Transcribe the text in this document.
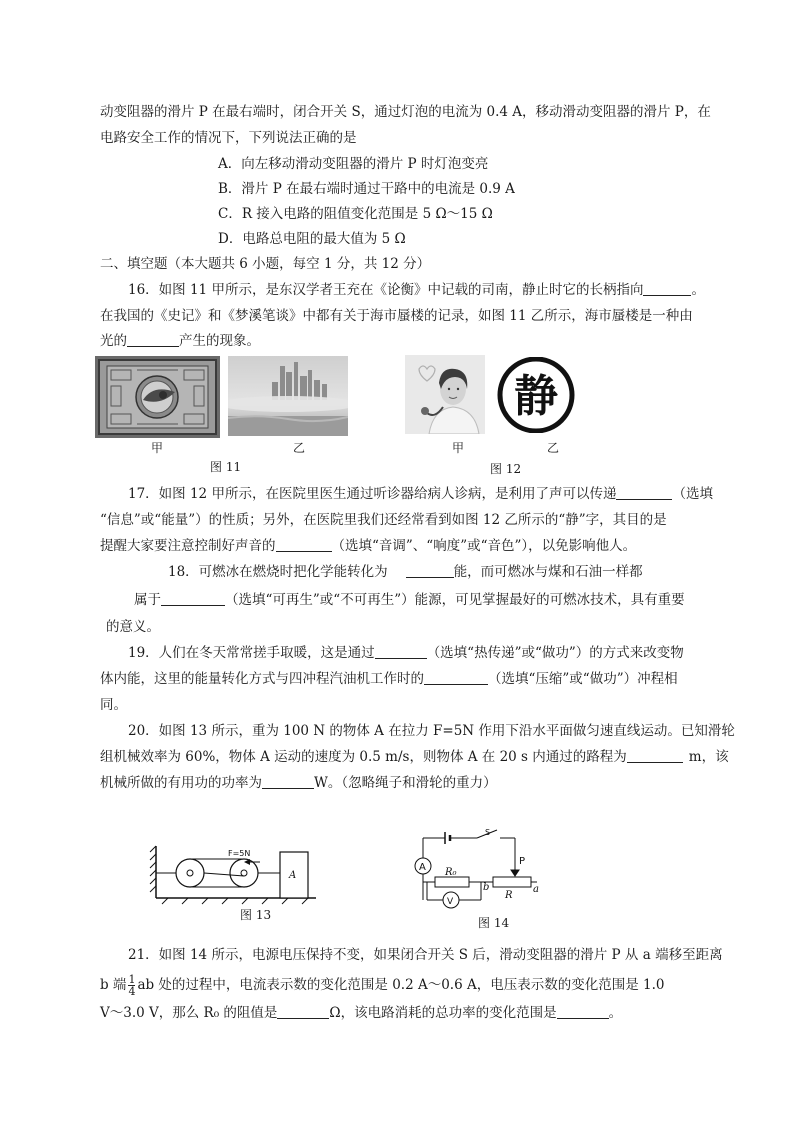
动变阻器的滑片 P 在最右端时，闭合开关 S，通过灯泡的电流为 0.4 A，移动滑动变阻器的滑片 P，在
电路安全工作的情况下，下列说法正确的是
A．向左移动滑动变阻器的滑片 P 时灯泡变亮
B．滑片 P 在最右端时通过干路中的电流是 0.9 A
C．R 接入电路的阻值变化范围是 5 Ω～15 Ω
D．电路总电阻的最大值为 5 Ω
二、填空题（本大题共 6 小题，每空 1 分，共 12 分）
16．如图 11 甲所示，是东汉学者王充在《论衡》中记载的司南，静止时它的长柄指向	。
在我国的《史记》和《梦溪笔谈》中都有关于海市蜃楼的记录，如图 11 乙所示，海市蜃楼是一种由
光的	产生的现象。
甲	乙
图 11
静
甲	乙
图 12
17．如图 12 甲所示，在医院里医生通过听诊器给病人诊病，是利用了声可以传递	（选填
“信息”或“能量”）的性质；另外，在医院里我们还经常看到如图 12 乙所示的“静”字，其目的是
提醒大家要注意控制好声音的	（选填“音调”、“响度”或“音色”），以免影响他人。
18．可燃冰在燃烧时把化学能转化为	能，而可燃冰与煤和石油一样都
属于	（选填“可再生”或“不可再生”）能源，可见掌握最好的可燃冰技术，具有重要
的意义。
19．人们在冬天常常搓手取暖，这是通过	（选填“热传递”或“做功”）的方式来改变物
体内能，这里的能量转化方式与四冲程汽油机工作时的	（选填“压缩”或“做功”）冲程相
同。
20．如图 13 所示，重为 100 N 的物体 A 在拉力 F=5N 作用下沿水平面做匀速直线运动。已知滑轮
组机械效率为 60%，物体 A 运动的速度为 0.5 m/s，则物体 A 在 20 s 内通过的路程为	m，该
机械所做的有用功的功率为	W。（忽略绳子和滑轮的重力）
F=5N
A
图 13
A
V
S
P
R₀
R
b	a
图 14
21．如图 14 所示，电源电压保持不变，如果闭合开关 S 后，滑动变阻器的滑片 P 从 a 端移至距离
b 端 $\frac{1}{4}$ ab 处的过程中，电流表示数的变化范围是 0.2 A～0.6 A，电压表示数的变化范围是 1.0
V～3.0 V，那么 R₀ 的阻值是	Ω，该电路消耗的总功率的变化范围是	。
